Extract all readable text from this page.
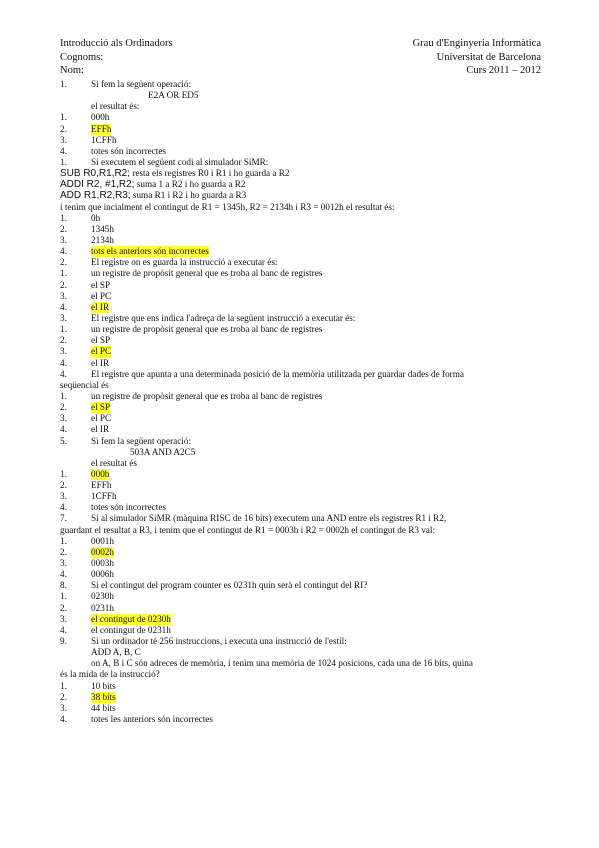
Introducció als Ordinadors	Grau d'Enginyeria Informàtica
Cognoms:	Universitat de Barcelona
Nom:	Curs 2011 – 2012
1.	Si fem la següent operació:
E2A OR ED5
el resultat és:
1.	000h
2.	EFFh
3.	1CFFh
4.	totes són incorrectes
1.	Si executem el següent codi al simulador SiMR:
SUB R0,R1,R2; resta els registres R0 i R1 i ho guarda a R2
ADDI R2, #1,R2; suma 1 a R2 i ho guarda a R2
ADD R1,R2,R3; suma R1 i R2 i ho guarda a R3
i tenim que incialment el contingut de R1 = 1345h, R2 = 2134h i R3 = 0012h el resultat és:
1.	0h
2.	1345h
3.	2134h
4.	tots els anteriors són incorrectes
2.	El registre on es guarda la instrucció a executar és:
1.	un registre de propòsit general que es troba al banc de registres
2.	el SP
3.	el PC
4.	el IR
3.	El registre que ens indica l'adreça de la següent instrucció a executar és:
1.	un registre de propòsit general que es troba al banc de registres
2.	el SP
3.	el PC
4.	el IR
4.	El registre que apunta a una determinada posició de la memòria utilitzada per guardar dades de forma
seqüencial és
1.	un registre de propòsit general que es troba al banc de registres
2.	el SP
3.	el PC
4.	el IR
5.	Si fem la següent operació:
503A AND A2C5
el resultat és
1.	000h
2.	EFFh
3.	1CFFh
4.	totes són incorrectes
7.	Si al simulador SiMR (màquina RISC de 16 bits) executem una AND entre els registres R1 i R2,
guardant el resultat a R3, i tenim que el contingut de R1 = 0003h i R2 = 0002h el contingut de R3 val:
1.	0001h
2.	0002h
3.	0003h
4.	0006h
8.	Si el contingut del program counter es 0231h quin serà el contingut del RI?
1.	0230h
2.	0231h
3.	el contingut de 0230h
4.	el contingut de 0231h
9.	Si un ordinador té 256 instruccions, i executa una instrucció de l'estil:
ADD A, B, C
on A, B i C són adreces de memòria, i tenim una memòria de 1024 posicions, cada una de 16 bits, quina
és la mida de la instrucció?
1.	10 bits
2.	38 bits
3.	44 bits
4.	totes les anteriors són incorrectes
